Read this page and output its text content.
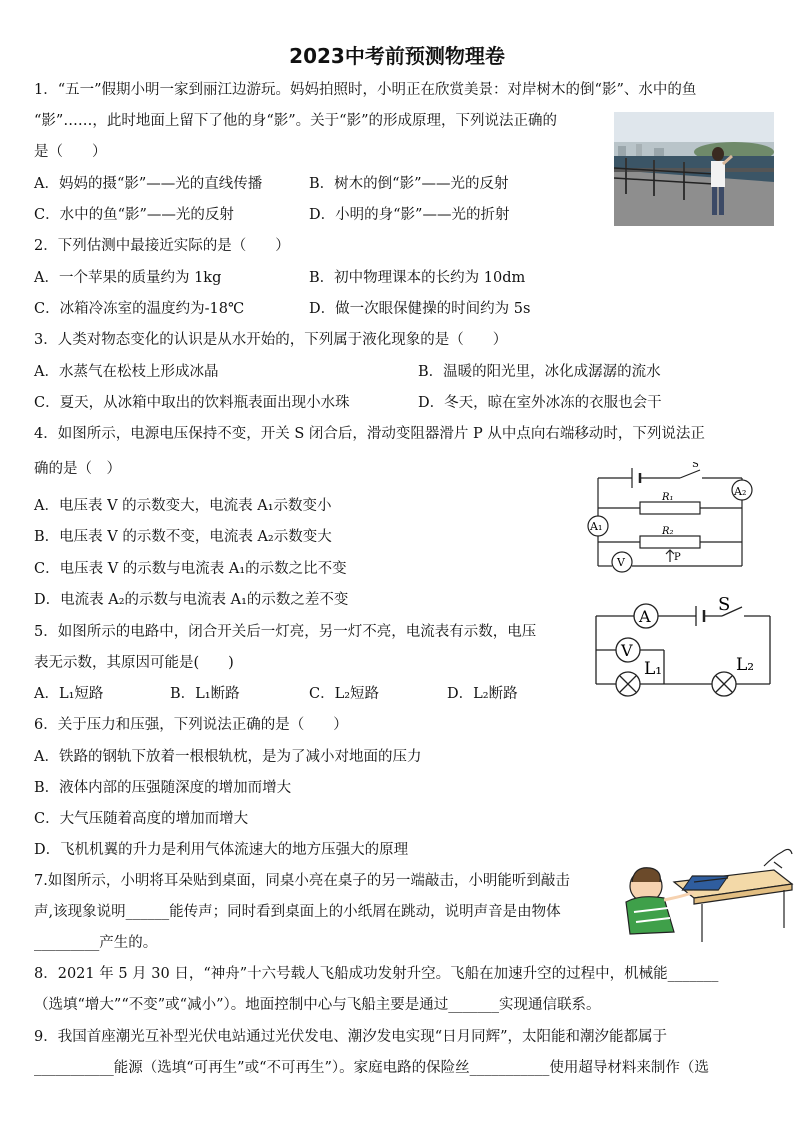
2023中考前预测物理卷
1．“五一”假期小明一家到丽江边游玩。妈妈拍照时，小明正在欣赏美景：对岸树木的倒“影”、水中的鱼
“影”……，此时地面上留下了他的身“影”。关于“影”的形成原理，下列说法正确的
是（　　）
A．妈妈的摄“影”——光的直线传播	B．树木的倒“影”——光的反射
C．水中的鱼“影”——光的反射	D．小明的身“影”——光的折射
2．下列估测中最接近实际的是（　　）
A．一个苹果的质量约为 1kg	B．初中物理课本的长约为 10dm
C．冰箱冷冻室的温度约为-18℃	D．做一次眼保健操的时间约为 5s
3．人类对物态变化的认识是从水开始的，下列属于液化现象的是（　　）
A．水蒸气在松枝上形成冰晶	B．温暖的阳光里，冰化成潺潺的流水
C．夏天，从冰箱中取出的饮料瓶表面出现小水珠	D．冬天，晾在室外冰冻的衣服也会干
4．如图所示，电源电压保持不变，开关 S 闭合后，滑动变阻器滑片 P 从中点向右端移动时，下列说法正
确的是（　）
A．电压表 V 的示数变大，电流表 A₁示数变小
B．电压表 V 的示数不变，电流表 A₂示数变大
C．电压表 V 的示数与电流表 A₁的示数之比不变
D．电流表 A₂的示数与电流表 A₁的示数之差不变
S
A₂
R₁
A₁	R₂
P
V
5．如图所示的电路中，闭合开关后一灯亮，另一灯不亮，电流表有示数，电压
表无示数，其原因可能是(　　)
A．L₁短路	B．L₁断路	C．L₂短路	D．L₂断路
A
S
V
L₁	L₂
6．关于压力和压强，下列说法正确的是（　　）
A．铁路的钢轨下放着一根根轨枕，是为了减小对地面的压力
B．液体内部的压强随深度的增加而增大
C．大气压随着高度的增加而增大
D．飞机机翼的升力是利用气体流速大的地方压强大的原理
7.如图所示，小明将耳朵贴到桌面，同桌小亮在桌子的另一端敲击，小明能听到敲击
声,该现象说明______能传声；同时看到桌面上的小纸屑在跳动，说明声音是由物体
_________产生的。
8．2021 年 5 月 30 日，“神舟”十六号载人飞船成功发射升空。飞船在加速升空的过程中，机械能_______
（选填“增大”“不变”或“减小”）。地面控制中心与飞船主要是通过_______实现通信联系。
9．我国首座潮光互补型光伏电站通过光伏发电、潮汐发电实现“日月同辉”，太阳能和潮汐能都属于
___________能源（选填“可再生”或“不可再生”）。家庭电路的保险丝___________使用超导材料来制作（选
